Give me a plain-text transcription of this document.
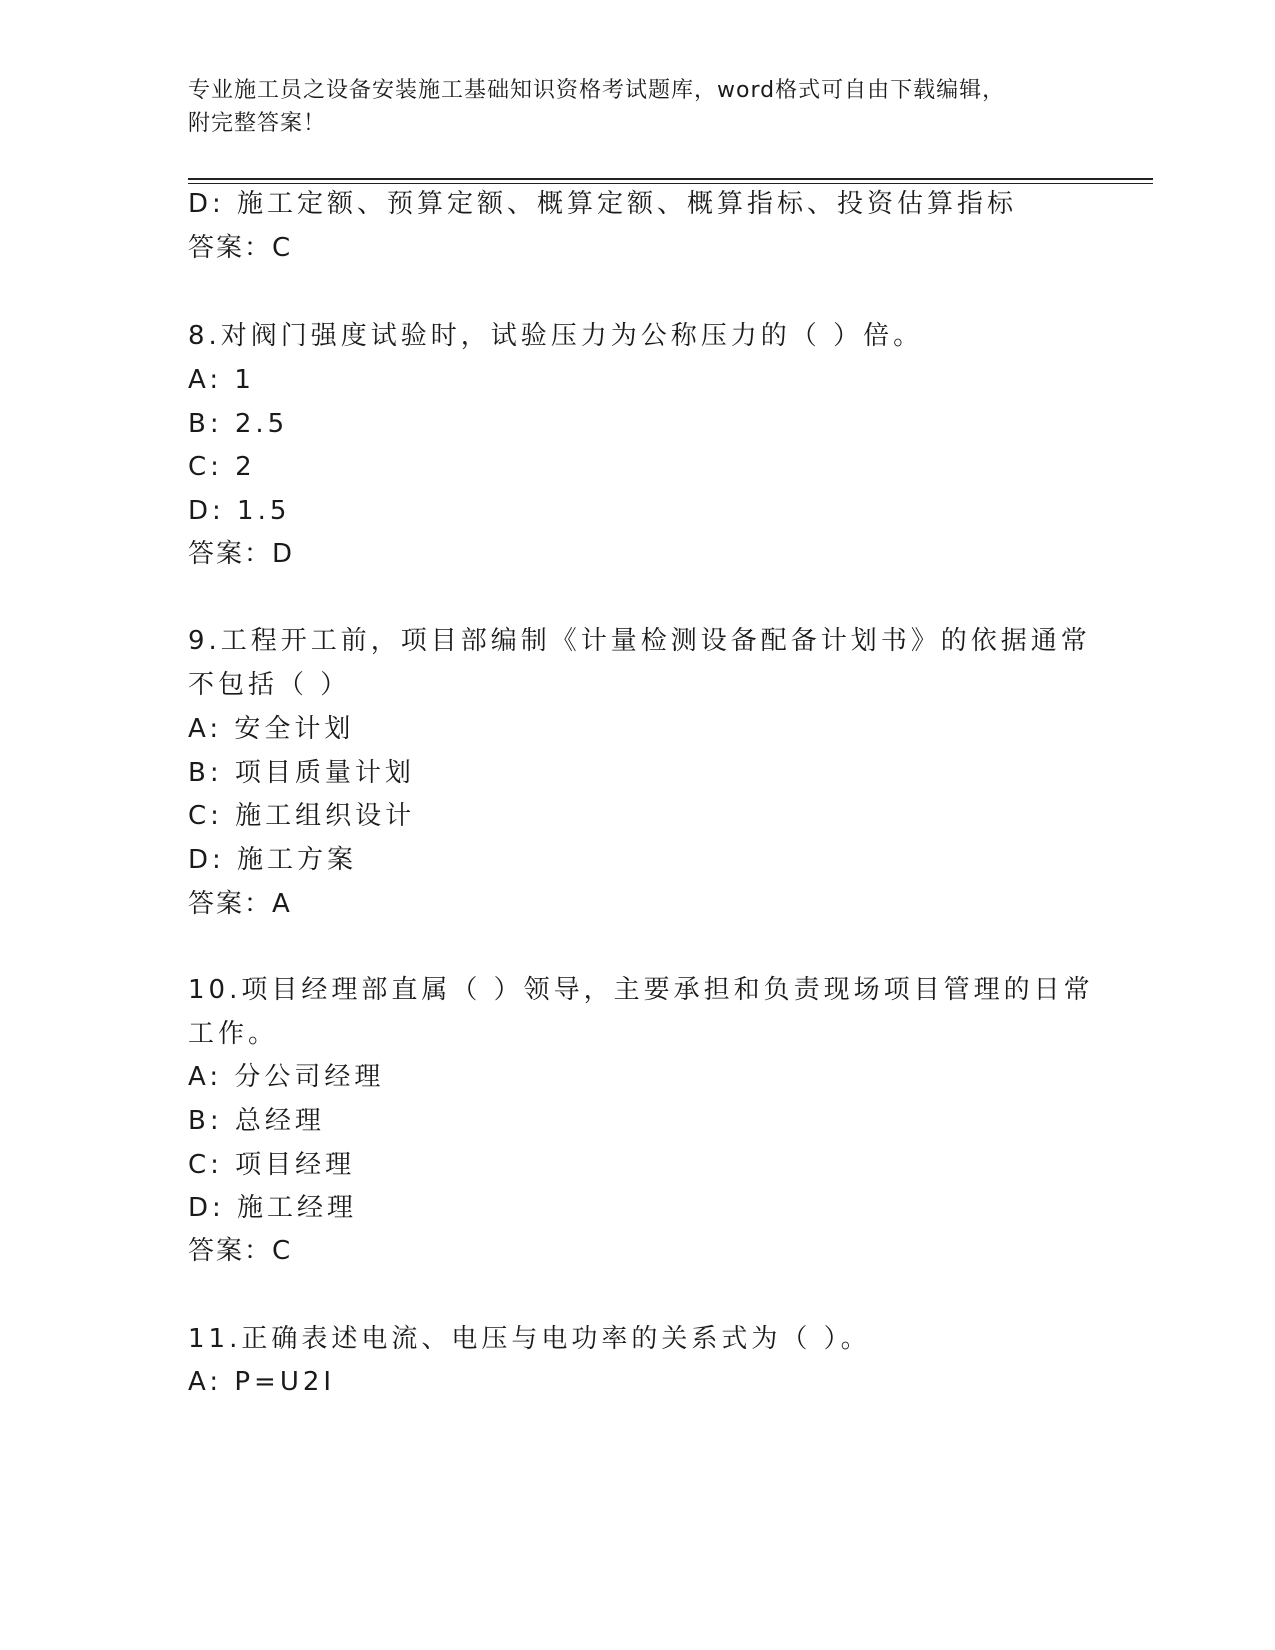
专业施工员之设备安装施工基础知识资格考试题库，word格式可自由下载编辑，
附完整答案！
D: 施工定额、预算定额、概算定额、概算指标、投资估算指标
答案：C
8.对阀门强度试验时，试验压力为公称压力的（ ）倍。
A: 1
B: 2.5
C: 2
D: 1.5
答案：D
9.工程开工前，项目部编制《计量检测设备配备计划书》的依据通常
不包括（ ）
A: 安全计划
B: 项目质量计划
C: 施工组织设计
D: 施工方案
答案：A
10.项目经理部直属（ ）领导，主要承担和负责现场项目管理的日常
工作。
A: 分公司经理
B: 总经理
C: 项目经理
D: 施工经理
答案：C
11.正确表述电流、电压与电功率的关系式为（ ）。
A: P=U2I
